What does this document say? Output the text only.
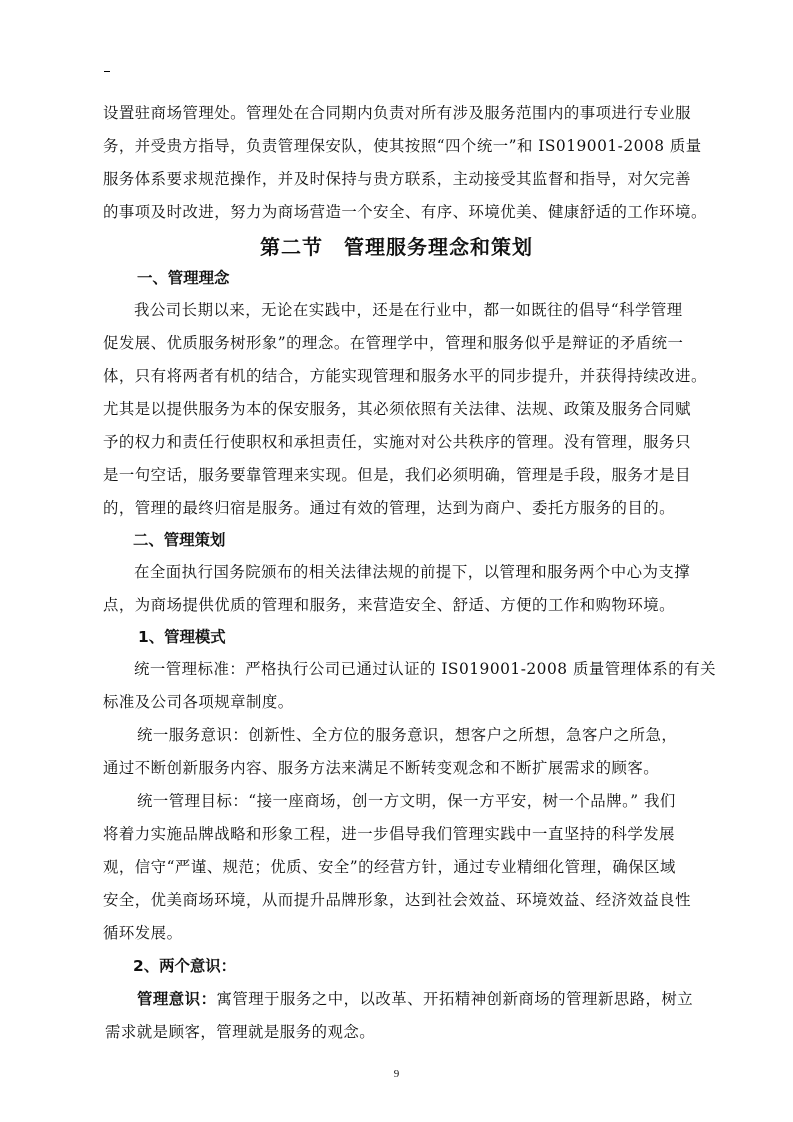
设置驻商场管理处。管理处在合同期内负责对所有涉及服务范围内的事项进行专业服
务，并受贵方指导，负责管理保安队，使其按照“四个统一”和 IS019001-2008 质量
服务体系要求规范操作，并及时保持与贵方联系，主动接受其监督和指导，对欠完善
的事项及时改进，努力为商场营造一个安全、有序、环境优美、健康舒适的工作环境。
第二节　管理服务理念和策划
一、管理理念
我公司长期以来，无论在实践中，还是在行业中，都一如既往的倡导“科学管理
促发展、优质服务树形象”的理念。在管理学中，管理和服务似乎是辩证的矛盾统一
体，只有将两者有机的结合，方能实现管理和服务水平的同步提升，并获得持续改进。
尤其是以提供服务为本的保安服务，其必须依照有关法律、法规、政策及服务合同赋
予的权力和责任行使职权和承担责任，实施对对公共秩序的管理。没有管理，服务只
是一句空话，服务要靠管理来实现。但是，我们必须明确，管理是手段，服务才是目
的，管理的最终归宿是服务。通过有效的管理，达到为商户、委托方服务的目的。
二、管理策划
在全面执行国务院颁布的相关法律法规的前提下，以管理和服务两个中心为支撑
点，为商场提供优质的管理和服务，来营造安全、舒适、方便的工作和购物环境。
1、管理模式
统一管理标准：严格执行公司已通过认证的 IS019001-2008 质量管理体系的有关
标准及公司各项规章制度。
统一服务意识：创新性、全方位的服务意识，想客户之所想，急客户之所急，
通过不断创新服务内容、服务方法来满足不断转变观念和不断扩展需求的顾客。
统一管理目标：“接一座商场，创一方文明，保一方平安，树一个品牌。” 我们
将着力实施品牌战略和形象工程，进一步倡导我们管理实践中一直坚持的科学发展
观，信守“严谨、规范；优质、安全”的经营方针，通过专业精细化管理，确保区域
安全，优美商场环境，从而提升品牌形象，达到社会效益、环境效益、经济效益良性
循环发展。
2、两个意识：
管理意识：寓管理于服务之中，以改革、开拓精神创新商场的管理新思路，树立
需求就是顾客，管理就是服务的观念。
9
